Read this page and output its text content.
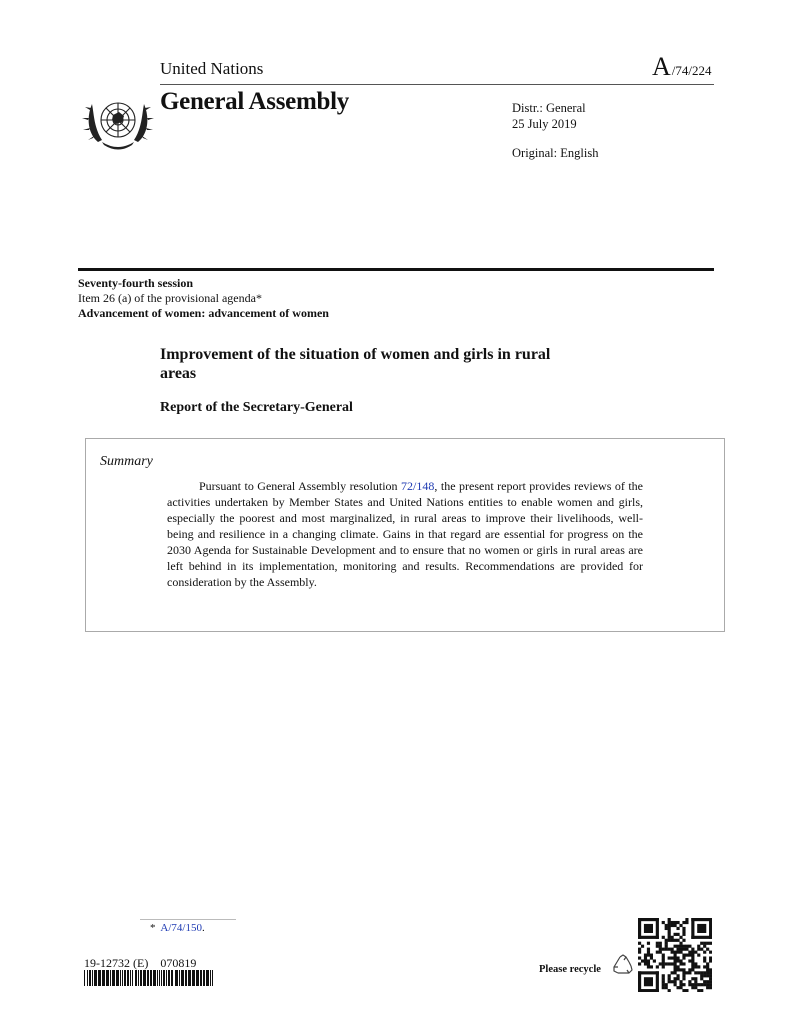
United Nations	A/74/224
General Assembly	Distr.: General
25 July 2019
Original: English
Seventy-fourth session
Item 26 (a) of the provisional agenda*
Advancement of women: advancement of women
Improvement of the situation of women and girls in rural areas
Report of the Secretary-General
Summary
Pursuant to General Assembly resolution 72/148, the present report provides reviews of the activities undertaken by Member States and United Nations entities to enable women and girls, especially the poorest and most marginalized, in rural areas to improve their livelihoods, well-being and resilience in a changing climate. Gains in that regard are essential for progress on the 2030 Agenda for Sustainable Development and to ensure that no women or girls in rural areas are left behind in its implementation, monitoring and results. Recommendations are provided for consideration by the Assembly.
* A/74/150.
19-12732 (E)    070819	Please recycle
